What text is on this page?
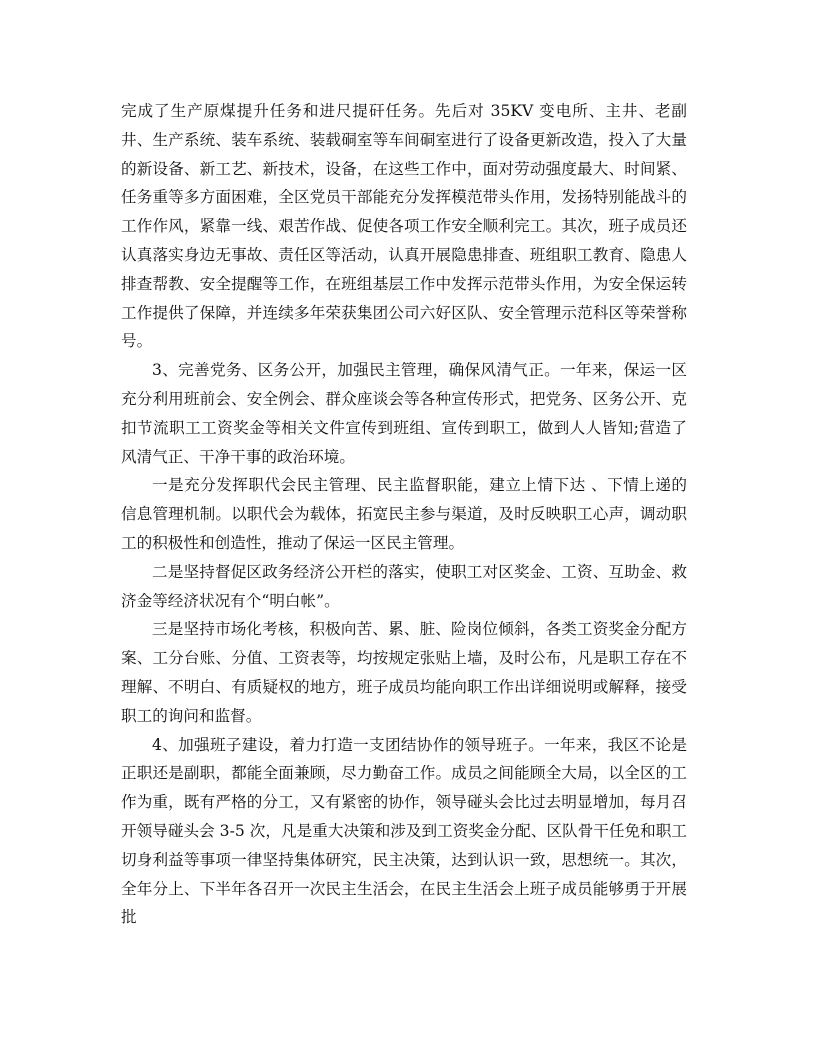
完成了生产原煤提升任务和进尺提矸任务。先后对 35KV 变电所、主井、老副井、生产系统、装车系统、装载硐室等车间硐室进行了设备更新改造，投入了大量的新设备、新工艺、新技术，设备，在这些工作中，面对劳动强度最大、时间紧、任务重等多方面困难，全区党员干部能充分发挥模范带头作用，发扬特别能战斗的工作作风，紧靠一线、艰苦作战、促使各项工作安全顺利完工。其次，班子成员还认真落实身边无事故、责任区等活动，认真开展隐患排查、班组职工教育、隐患人排查帮教、安全提醒等工作，在班组基层工作中发挥示范带头作用，为安全保运转工作提供了保障，并连续多年荣获集团公司六好区队、安全管理示范科区等荣誉称号。

3、完善党务、区务公开，加强民主管理，确保风清气正。一年来，保运一区充分利用班前会、安全例会、群众座谈会等各种宣传形式，把党务、区务公开、克扣节流职工工资奖金等相关文件宣传到班组、宣传到职工，做到人人皆知;营造了风清气正、干净干事的政治环境。

一是充分发挥职代会民主管理、民主监督职能，建立上情下达 、下情上递的信息管理机制。以职代会为载体，拓宽民主参与渠道，及时反映职工心声，调动职工的积极性和创造性，推动了保运一区民主管理。

二是坚持督促区政务经济公开栏的落实，使职工对区奖金、工资、互助金、救济金等经济状况有个“明白帐”。

三是坚持市场化考核，积极向苦、累、脏、险岗位倾斜，各类工资奖金分配方案、工分台账、分值、工资表等，均按规定张贴上墙，及时公布，凡是职工存在不理解、不明白、有质疑权的地方，班子成员均能向职工作出详细说明或解释，接受职工的询问和监督。

4、加强班子建设，着力打造一支团结协作的领导班子。一年来，我区不论是正职还是副职，都能全面兼顾，尽力勤奋工作。成员之间能顾全大局，以全区的工作为重，既有严格的分工，又有紧密的协作，领导碰头会比过去明显增加，每月召开领导碰头会 3-5 次，凡是重大决策和涉及到工资奖金分配、区队骨干任免和职工切身利益等事项一律坚持集体研究，民主决策，达到认识一致，思想统一。其次，全年分上、下半年各召开一次民主生活会，在民主生活会上班子成员能够勇于开展批
